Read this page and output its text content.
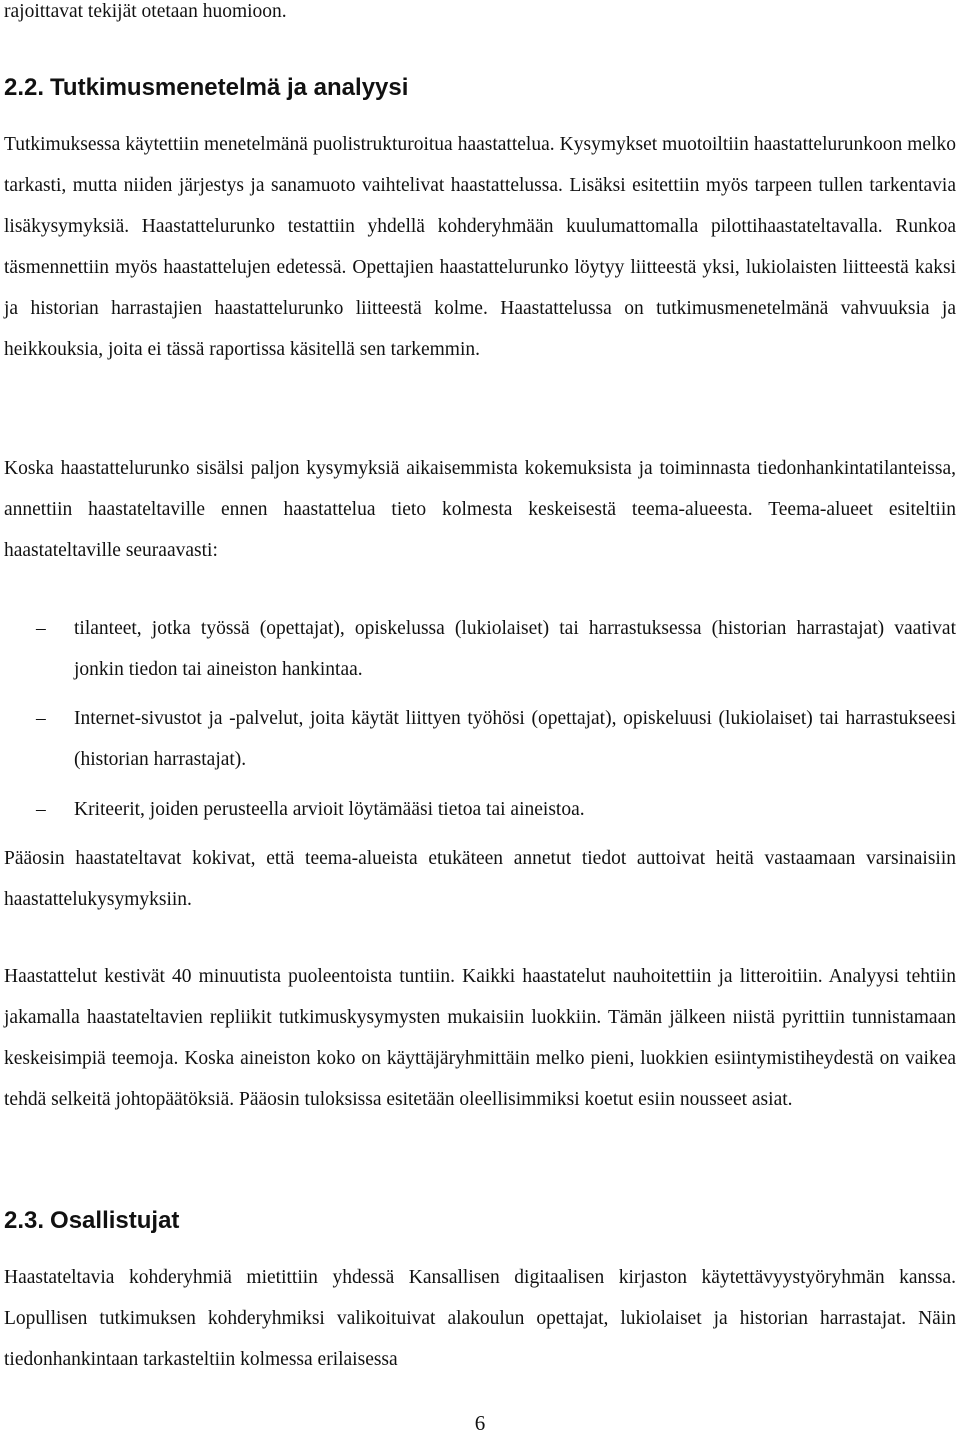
rajoittavat tekijät otetaan huomioon.

2.2. Tutkimusmenetelmä ja analyysi

Tutkimuksessa käytettiin menetelmänä puolistrukturoitua haastattelua. Kysymykset muotoiltiin haastattelurunkoon melko tarkasti, mutta niiden järjestys ja sanamuoto vaihtelivat haastattelussa. Lisäksi esitettiin myös tarpeen tullen tarkentavia lisäkysymyksiä. Haastattelurunko testattiin yhdellä kohderyhmään kuulumattomalla pilottihaastateltavalla. Runkoa täsmennettiin myös haastattelujen edetessä. Opettajien haastattelurunko löytyy liitteestä yksi, lukiolaisten liitteestä kaksi ja historian harrastajien haastattelurunko liitteestä kolme. Haastattelussa on tutkimusmenetelmänä vahvuuksia ja heikkouksia, joita ei tässä raportissa käsitellä sen tarkemmin.

Koska haastattelurunko sisälsi paljon kysymyksiä aikaisemmista kokemuksista ja toiminnasta tiedonhankintatilanteissa, annettiin haastateltaville ennen haastattelua tieto kolmesta keskeisestä teema-alueesta. Teema-alueet esiteltiin haastateltaville seuraavasti:

– tilanteet, jotka työssä (opettajat), opiskelussa (lukiolaiset) tai harrastuksessa (historian harrastajat) vaativat jonkin tiedon tai aineiston hankintaa.

– Internet-sivustot ja -palvelut, joita käytät liittyen työhösi (opettajat), opiskeluusi (lukiolaiset) tai harrastukseesi (historian harrastajat).

– Kriteerit, joiden perusteella arvioit löytämääsi tietoa tai aineistoa.

Pääosin haastateltavat kokivat, että teema-alueista etukäteen annetut tiedot auttoivat heitä vastaamaan varsinaisiin haastattelukysymyksiin.

Haastattelut kestivät 40 minuutista puoleentoista tuntiin. Kaikki haastatelut nauhoitettiin ja litteroitiin. Analyysi tehtiin jakamalla haastateltavien repliikit tutkimuskysymysten mukaisiin luokkiin. Tämän jälkeen niistä pyrittiin tunnistamaan keskeisimpiä teemoja. Koska aineiston koko on käyttäjäryhmittäin melko pieni, luokkien esiintymistiheydestä on vaikea tehdä selkeitä johtopäätöksiä. Pääosin tuloksissa esitetään oleellisimmiksi koetut esiin nousseet asiat.

2.3. Osallistujat

Haastateltavia kohderyhmiä mietittiin yhdessä Kansallisen digitaalisen kirjaston käytettävyystyöryhmän kanssa. Lopullisen tutkimuksen kohderyhmiksi valikoituivat alakoulun opettajat, lukiolaiset ja historian harrastajat. Näin tiedonhankintaan tarkasteltiin kolmessa erilaisessa

6
